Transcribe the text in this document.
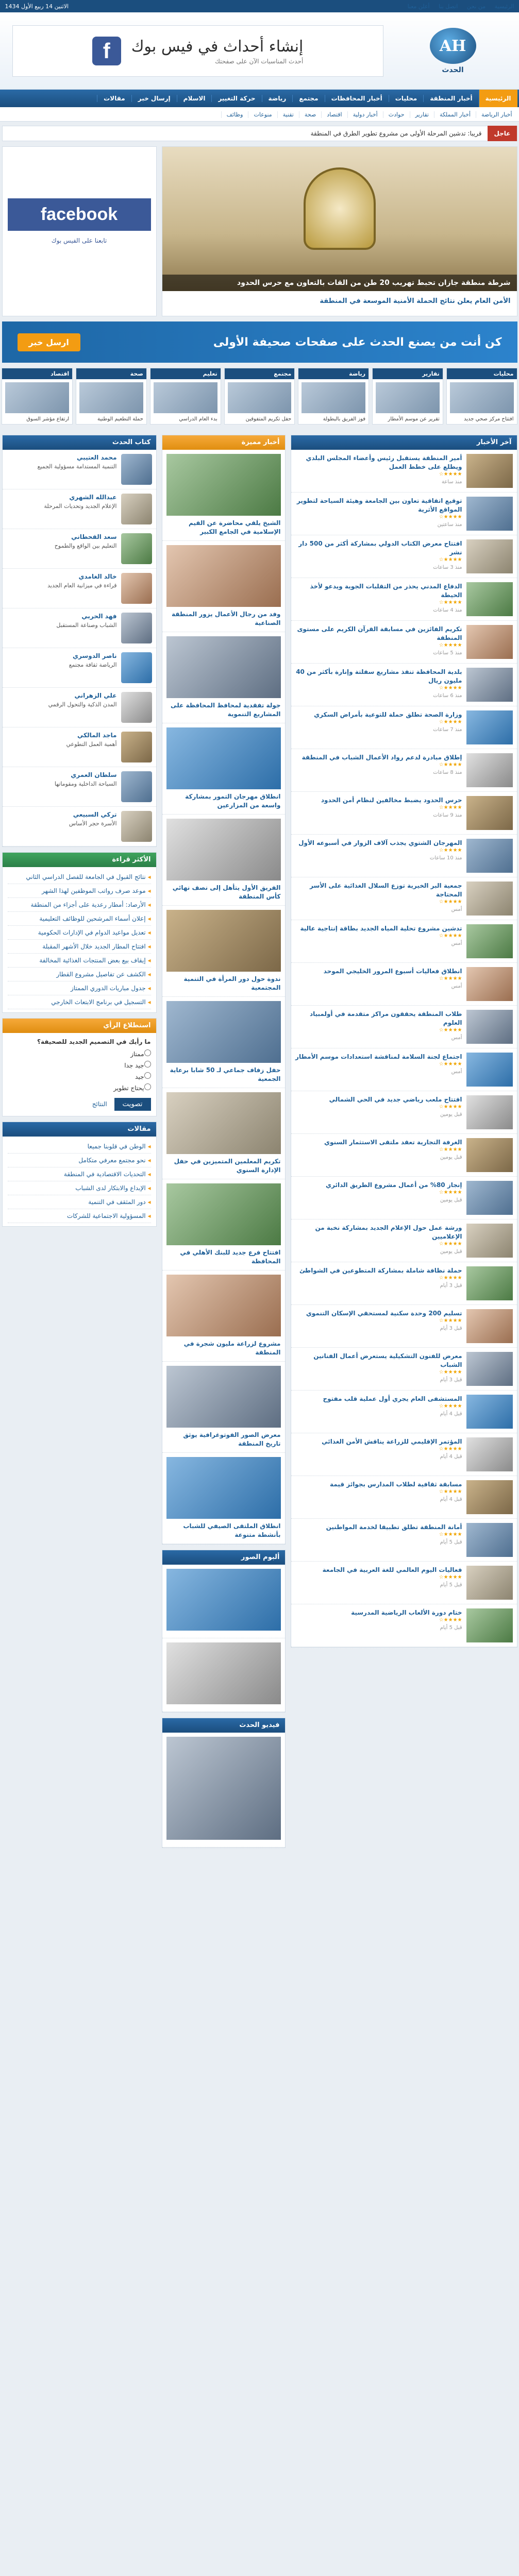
الرئيسية من نحن اتصل بنا أعلن معنا
الاثنين 14 ربيع الأول 1434
AH
الحدث
إنشاء أحداث في فيس بوك
أحدث المناسبات الآن على صفحتك
f
الرئيسية
أخبار المنطقة
محليات
أخبار المحافظات
مجتمع
رياضة
حركة التغيير
الاسلام
إرسال خبر
مقالات
أخبار الرياضة
أخبار المملكة
تقارير
حوادث
أخبار دولية
اقتصاد
صحة
تقنية
منوعات
وظائف
عاجل
قريبا: تدشين المرحلة الأولى من مشروع تطوير الطرق في المنطقة
شرطة منطقة جازان تحبط تهريب 20 طن من القات بالتعاون مع حرس الحدود
الأمن العام يعلن نتائج الحملة الأمنية الموسعة في المنطقة
facebook
تابعنا على الفيس بوك
كن أنت من يصنع الحدث على صفحات صحيفة الأولى
ارسل خبر
محليات
افتتاح مركز صحي جديد
تقارير
تقرير عن موسم الأمطار
رياضة
فوز الفريق بالبطولة
مجتمع
حفل تكريم المتفوقين
تعليم
بدء العام الدراسي
صحة
حملة التطعيم الوطنية
اقتصاد
ارتفاع مؤشر السوق
آخر الأخبار
أمير المنطقة يستقبل رئيس وأعضاء المجلس البلدي ويطلع على خطط العمل
★★★★☆
منذ ساعة
توقيع اتفاقية تعاون بين الجامعة وهيئة السياحة لتطوير المواقع الأثرية
★★★★☆
منذ ساعتين
افتتاح معرض الكتاب الدولي بمشاركة أكثر من 500 دار نشر
★★★★☆
منذ 3 ساعات
الدفاع المدني يحذر من التقلبات الجوية ويدعو لأخذ الحيطة
★★★★☆
منذ 4 ساعات
تكريم الفائزين في مسابقة القرآن الكريم على مستوى المنطقة
★★★★☆
منذ 5 ساعات
بلدية المحافظة تنفذ مشاريع سفلتة وإنارة بأكثر من 40 مليون ريال
★★★★☆
منذ 6 ساعات
وزارة الصحة تطلق حملة للتوعية بأمراض السكري
★★★★☆
منذ 7 ساعات
إطلاق مبادرة لدعم رواد الأعمال الشباب في المنطقة
★★★★☆
منذ 8 ساعات
حرس الحدود يضبط مخالفين لنظام أمن الحدود
★★★★☆
منذ 9 ساعات
المهرجان الشتوي يجذب آلاف الزوار في أسبوعه الأول
★★★★☆
منذ 10 ساعات
جمعية البر الخيرية توزع السلال الغذائية على الأسر المحتاجة
★★★★☆
أمس
تدشين مشروع تحلية المياه الجديد بطاقة إنتاجية عالية
★★★★☆
أمس
انطلاق فعاليات أسبوع المرور الخليجي الموحد
★★★★☆
أمس
طلاب المنطقة يحققون مراكز متقدمة في أولمبياد العلوم
★★★★☆
أمس
اجتماع لجنة السلامة لمناقشة استعدادات موسم الأمطار
★★★★☆
أمس
افتتاح ملعب رياضي جديد في الحي الشمالي
★★★★☆
قبل يومين
الغرفة التجارية تعقد ملتقى الاستثمار السنوي
★★★★☆
قبل يومين
إنجاز 80% من أعمال مشروع الطريق الدائري
★★★★☆
قبل يومين
ورشة عمل حول الإعلام الجديد بمشاركة نخبة من الإعلاميين
★★★★☆
قبل يومين
حملة نظافة شاملة بمشاركة المتطوعين في الشواطئ
★★★★☆
قبل 3 أيام
تسليم 200 وحدة سكنية لمستحقي الإسكان التنموي
★★★★☆
قبل 3 أيام
معرض للفنون التشكيلية يستعرض أعمال الفنانين الشباب
★★★★☆
قبل 3 أيام
المستشفى العام يجري أول عملية قلب مفتوح
★★★★☆
قبل 4 أيام
المؤتمر الإقليمي للزراعة يناقش الأمن الغذائي
★★★★☆
قبل 4 أيام
مسابقة ثقافية لطلاب المدارس بجوائز قيمة
★★★★☆
قبل 4 أيام
أمانة المنطقة تطلق تطبيقا لخدمة المواطنين
★★★★☆
قبل 5 أيام
فعاليات اليوم العالمي للغة العربية في الجامعة
★★★★☆
قبل 5 أيام
ختام دورة الألعاب الرياضية المدرسية
★★★★☆
قبل 5 أيام
أخبار مميزة
الشيخ يلقي محاضرة عن القيم الإسلامية في الجامع الكبير
وفد من رجال الأعمال يزور المنطقة الصناعية
جولة تفقدية لمحافظ المحافظة على المشاريع التنموية
انطلاق مهرجان التمور بمشاركة واسعة من المزارعين
الفريق الأول يتأهل إلى نصف نهائي كأس المنطقة
ندوة حول دور المرأة في التنمية المجتمعية
حفل زفاف جماعي لـ 50 شابا برعاية الجمعية
تكريم المعلمين المتميزين في حفل الإدارة السنوي
افتتاح فرع جديد للبنك الأهلي في المحافظة
مشروع لزراعة مليون شجرة في المنطقة
معرض الصور الفوتوغرافية يوثق تاريخ المنطقة
انطلاق الملتقى الصيفي للشباب بأنشطة متنوعة
ألبوم الصور
فيديو الحدث
كتاب الحدث
محمد العتيبي
التنمية المستدامة مسؤولية الجميع
عبدالله الشهري
الإعلام الجديد وتحديات المرحلة
سعد القحطاني
التعليم بين الواقع والطموح
خالد الغامدي
قراءة في ميزانية العام الجديد
فهد الحربي
الشباب وصناعة المستقبل
ناصر الدوسري
الرياضة ثقافة مجتمع
علي الزهراني
المدن الذكية والتحول الرقمي
ماجد المالكي
أهمية العمل التطوعي
سلطان العمري
السياحة الداخلية ومقوماتها
تركي السبيعي
الأسرة حجر الأساس
الأكثر قراءة
◂ نتائج القبول في الجامعة للفصل الدراسي الثاني
◂ موعد صرف رواتب الموظفين لهذا الشهر
◂ الأرصاد: أمطار رعدية على أجزاء من المنطقة
◂ إعلان أسماء المرشحين للوظائف التعليمية
◂ تعديل مواعيد الدوام في الإدارات الحكومية
◂ افتتاح المطار الجديد خلال الأشهر المقبلة
◂ إيقاف بيع بعض المنتجات الغذائية المخالفة
◂ الكشف عن تفاصيل مشروع القطار
◂ جدول مباريات الدوري الممتاز
◂ التسجيل في برنامج الابتعاث الخارجي
استطلاع الرأي
ما رأيك في التصميم الجديد للصحيفة؟
ممتاز
جيد جدا
جيد
يحتاج تطوير
تصويت النتائج
مقالات
◂ الوطن في قلوبنا جميعا
◂ نحو مجتمع معرفي متكامل
◂ التحديات الاقتصادية في المنطقة
◂ الإبداع والابتكار لدى الشباب
◂ دور المثقف في التنمية
◂ المسؤولية الاجتماعية للشركات
